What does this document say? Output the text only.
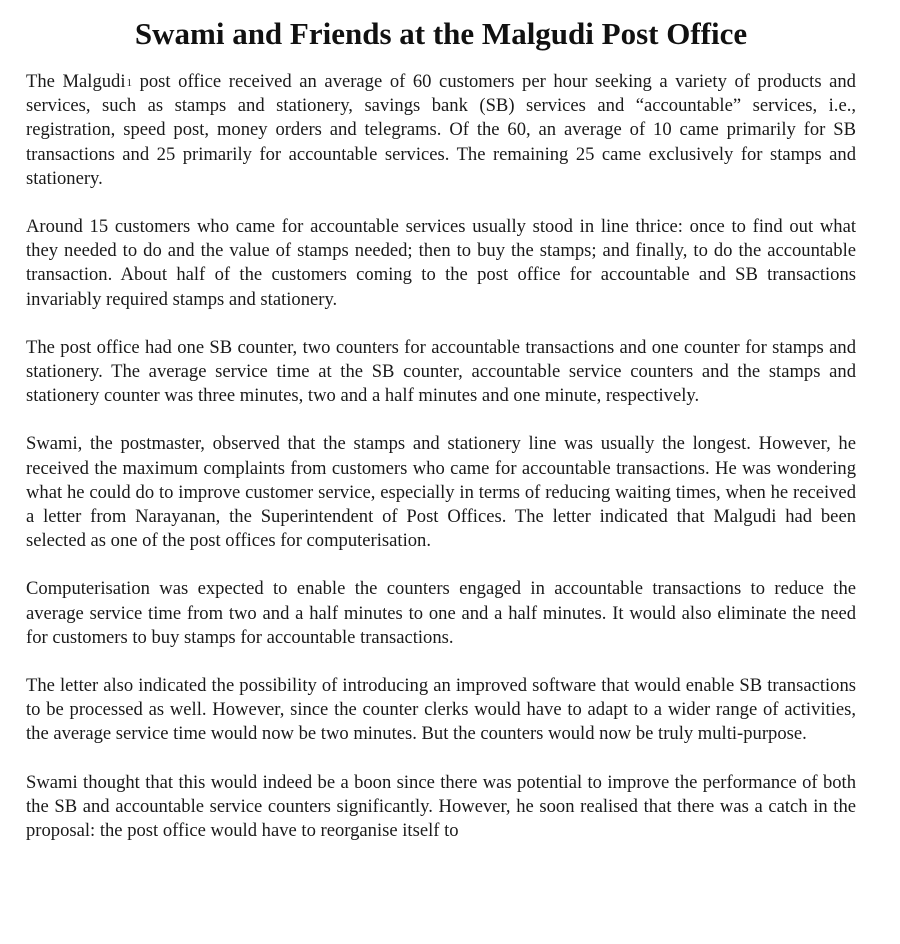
Swami and Friends at the Malgudi Post Office

The Malgudi$^1$ post office received an average of 60 customers per hour seeking a variety of products and services, such as stamps and stationery, savings bank (SB) services and “accountable” services, i.e., registration, speed post, money orders and telegrams. Of the 60, an average of 10 came primarily for SB transactions and 25 primarily for accountable services. The remaining 25 came exclusively for stamps and stationery.

Around 15 customers who came for accountable services usually stood in line thrice: once to find out what they needed to do and the value of stamps needed; then to buy the stamps; and finally, to do the accountable transaction. About half of the customers coming to the post office for accountable and SB transactions invariably required stamps and stationery.

The post office had one SB counter, two counters for accountable transactions and one counter for stamps and stationery. The average service time at the SB counter, accountable service counters and the stamps and stationery counter was three minutes, two and a half minutes and one minute, respectively.

Swami, the postmaster, observed that the stamps and stationery line was usually the longest. However, he received the maximum complaints from customers who came for accountable transactions. He was wondering what he could do to improve customer service, especially in terms of reducing waiting times, when he received a letter from Narayanan, the Superintendent of Post Offices. The letter indicated that Malgudi had been selected as one of the post offices for computerisation.

Computerisation was expected to enable the counters engaged in accountable transactions to reduce the average service time from two and a half minutes to one and a half minutes. It would also eliminate the need for customers to buy stamps for accountable transactions.

The letter also indicated the possibility of introducing an improved software that would enable SB transactions to be processed as well. However, since the counter clerks would have to adapt to a wider range of activities, the average service time would now be two minutes. But the counters would now be truly multi-purpose.

Swami thought that this would indeed be a boon since there was potential to improve the performance of both the SB and accountable service counters significantly. However, he soon realised that there was a catch in the proposal: the post office would have to reorganise itself to
